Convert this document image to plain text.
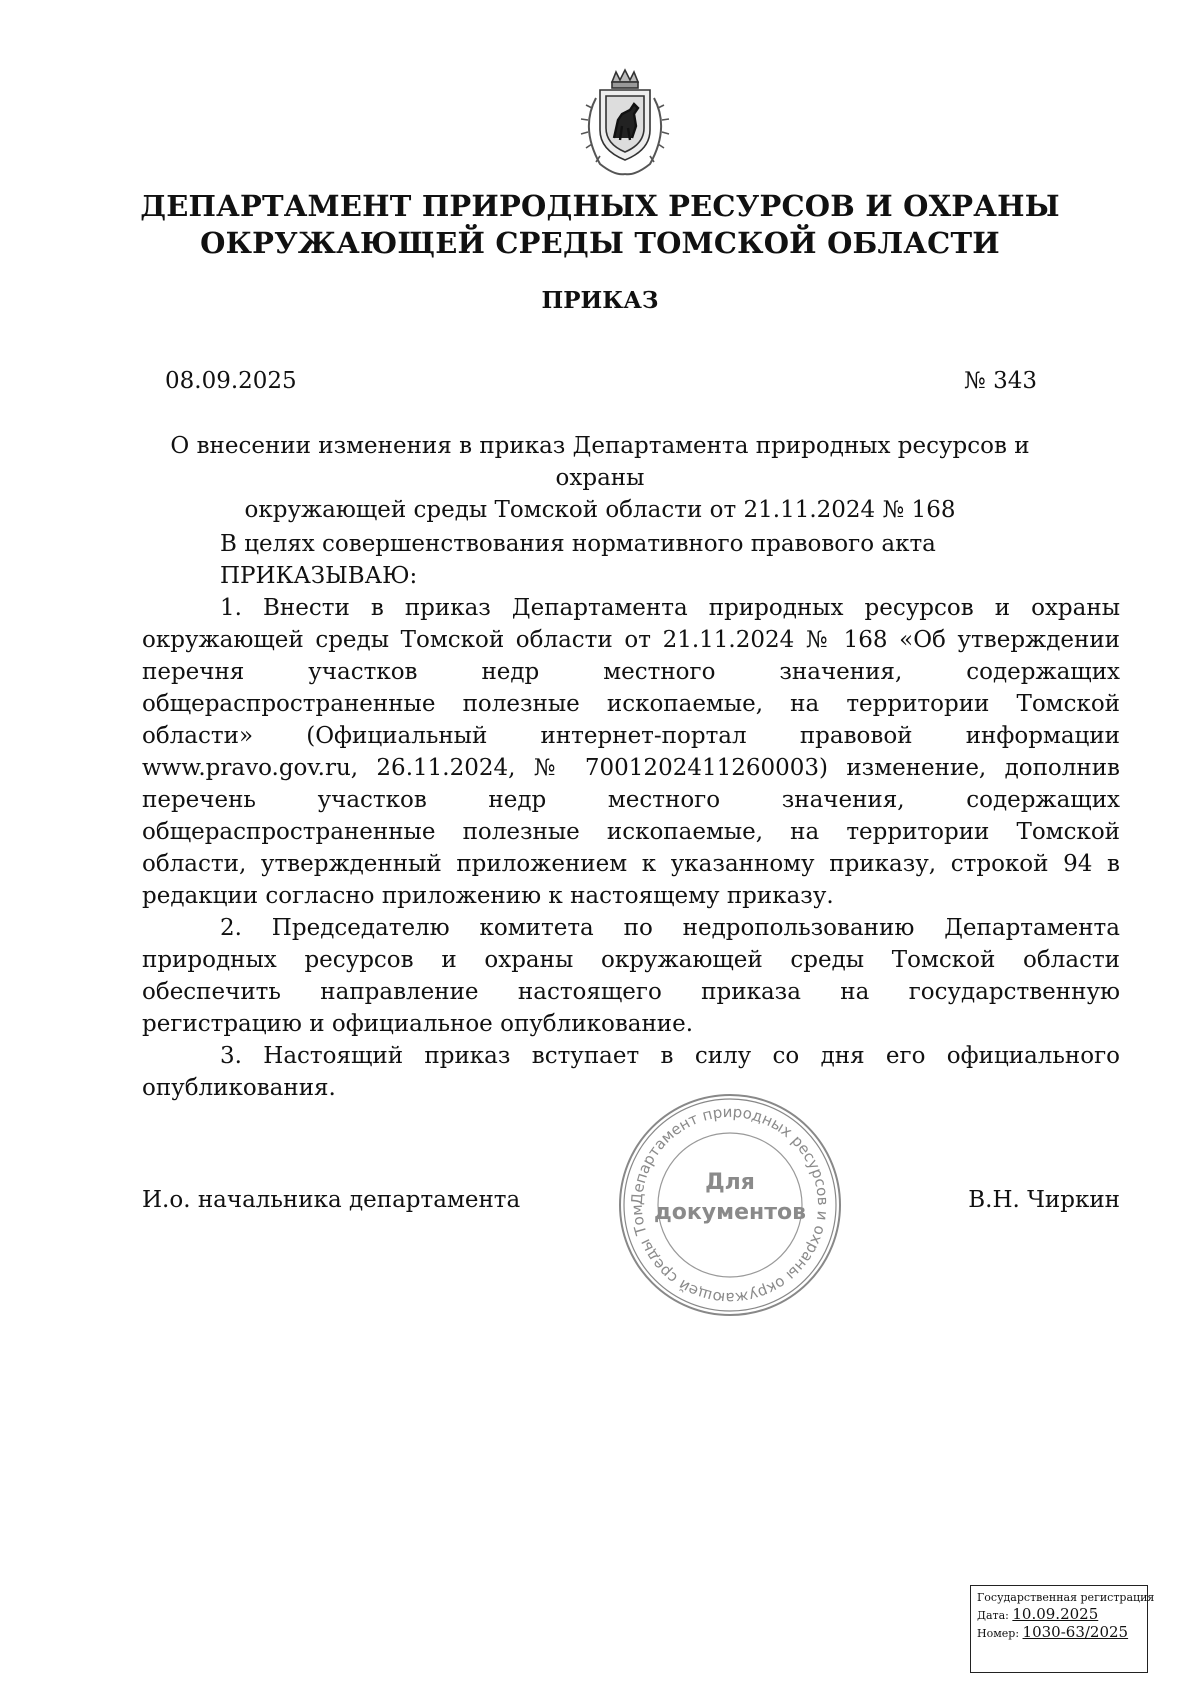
ДЕПАРТАМЕНТ ПРИРОДНЫХ РЕСУРСОВ И ОХРАНЫ
ОКРУЖАЮЩЕЙ СРЕДЫ ТОМСКОЙ ОБЛАСТИ
ПРИКАЗ
08.09.2025	№ 343
О внесении изменения в приказ Департамента природных ресурсов и охраны
окружающей среды Томской области от 21.11.2024 № 168

В целях совершенствования нормативного правового акта

ПРИКАЗЫВАЮ:

1. Внести в приказ Департамента природных ресурсов и охраны окружающей среды Томской области от 21.11.2024 № 168 «Об утверждении перечня участков недр местного значения, содержащих общераспространенные полезные ископаемые, на территории Томской области» (Официальный интернет-портал правовой информации www.pravo.gov.ru, 26.11.2024, № 7001202411260003) изменение, дополнив перечень участков недр местного значения, содержащих общераспространенные полезные ископаемые, на территории Томской области, утвержденный приложением к указанному приказу, строкой 94 в редакции согласно приложению к настоящему приказу.

2. Председателю комитета по недропользованию Департамента природных ресурсов и охраны окружающей среды Томской области обеспечить направление настоящего приказа на государственную регистрацию и официальное опубликование.

3. Настоящий приказ вступает в силу со дня его официального опубликования.

И.о. начальника департамента	В.Н. Чиркин
Департамент природных ресурсов и охраны окружающей среды Том
Для
документов
Государственная регистрация
Дата: 10.09.2025
Номер: 1030-63/2025
